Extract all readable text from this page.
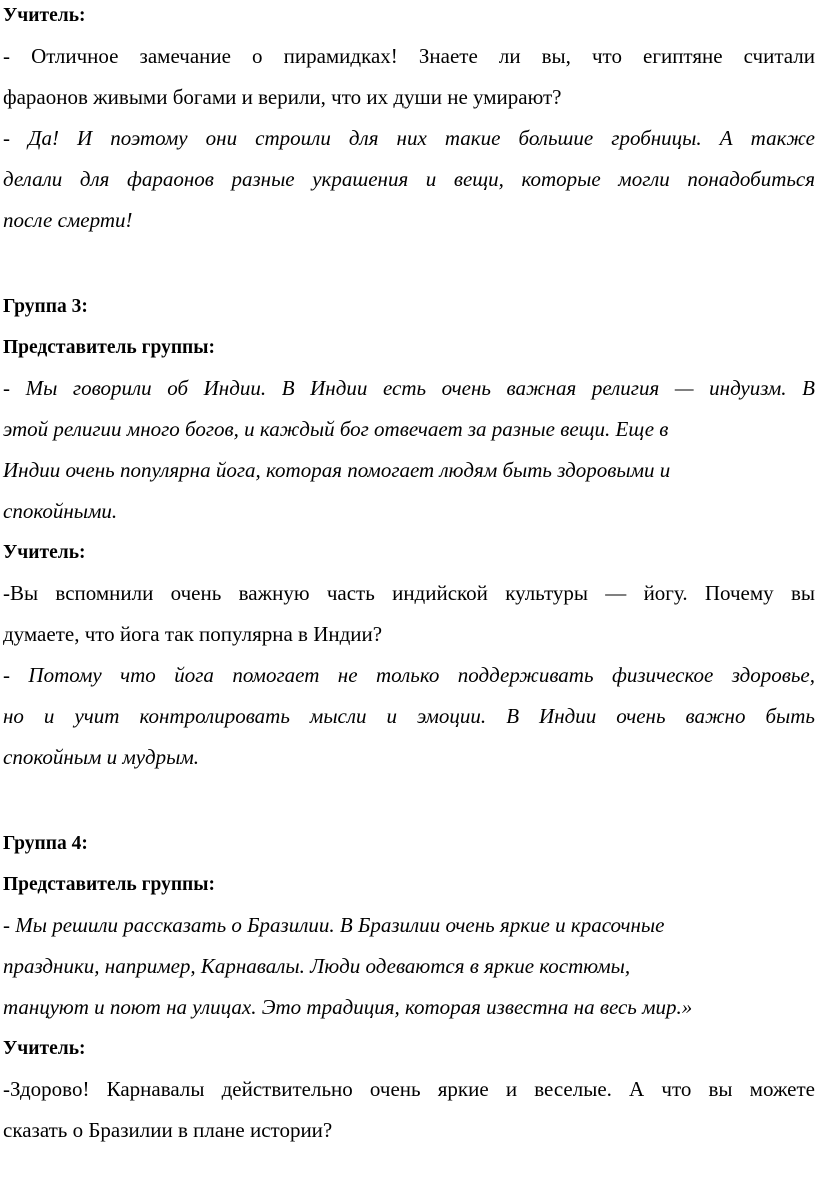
Учитель:
- Отличное замечание о пирамидках! Знаете ли вы, что египтяне считали
фараонов живыми богами и верили, что их души не умирают?
- Да! И поэтому они строили для них такие большие гробницы. А также
делали для фараонов разные украшения и вещи, которые могли понадобиться
после смерти!
Группа 3:
Представитель группы:
- Мы говорили об Индии. В Индии есть очень важная религия — индуизм. В
этой религии много богов, и каждый бог отвечает за разные вещи. Еще в
Индии очень популярна йога, которая помогает людям быть здоровыми и
спокойными.
Учитель:
-Вы вспомнили очень важную часть индийской культуры — йогу. Почему вы
думаете, что йога так популярна в Индии?
- Потому что йога помогает не только поддерживать физическое здоровье,
но и учит контролировать мысли и эмоции. В Индии очень важно быть
спокойным и мудрым.
Группа 4:
Представитель группы:
- Мы решили рассказать о Бразилии. В Бразилии очень яркие и красочные
праздники, например, Карнавалы. Люди одеваются в яркие костюмы,
танцуют и поют на улицах. Это традиция, которая известна на весь мир.»
Учитель:
-Здорово! Карнавалы действительно очень яркие и веселые. А что вы можете
сказать о Бразилии в плане истории?
